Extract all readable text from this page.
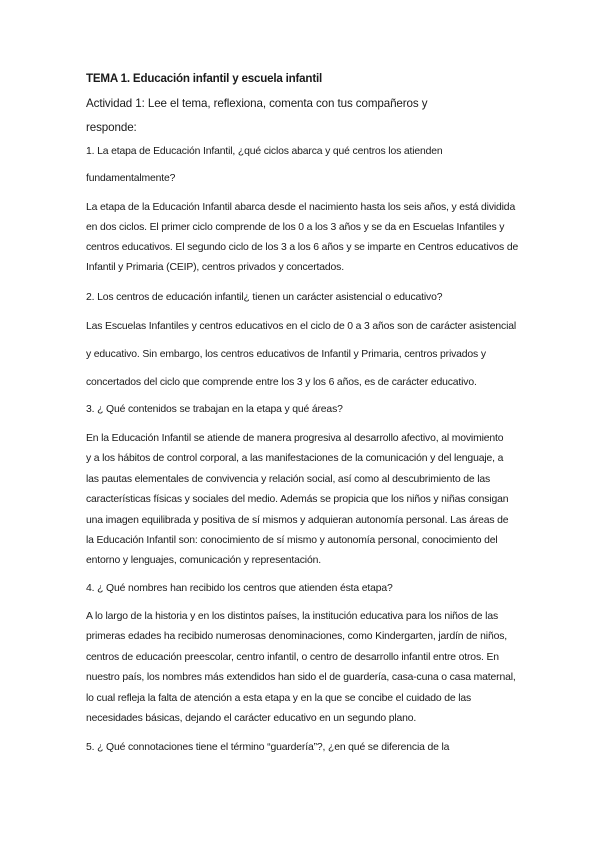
TEMA 1. Educación infantil y escuela infantil
Actividad 1: Lee el tema, reflexiona, comenta con tus compañeros y
responde:
1. La etapa de Educación Infantil, ¿qué ciclos abarca y qué centros los atienden
fundamentalmente?
La etapa de la Educación Infantil abarca desde el nacimiento hasta los seis años, y está dividida
en dos ciclos. El primer ciclo comprende de los 0 a los 3 años y se da en Escuelas Infantiles y
centros educativos. El segundo ciclo de los 3 a los 6 años y se imparte en Centros educativos de
Infantil y Primaria (CEIP), centros privados y concertados.
2. Los centros de educación infantil¿ tienen un carácter asistencial o educativo?
Las Escuelas Infantiles y centros educativos en el ciclo de 0 a 3 años son de carácter asistencial
y educativo. Sin embargo, los centros educativos de Infantil y Primaria, centros privados y
concertados del ciclo que comprende entre los 3 y los 6 años, es de carácter educativo.
3. ¿ Qué contenidos se trabajan en la etapa y qué áreas?
En la Educación Infantil se atiende de manera progresiva al desarrollo afectivo, al movimiento
y a los hábitos de control corporal, a las manifestaciones de la comunicación y del lenguaje, a
las pautas elementales de convivencia y relación social, así como al descubrimiento de las
características físicas y sociales del medio. Además se propicia que los niños y niñas consigan
una imagen equilibrada y positiva de sí mismos y adquieran autonomía personal. Las áreas de
la Educación Infantil son: conocimiento de sí mismo y autonomía personal, conocimiento del
entorno y lenguajes, comunicación y representación.
4. ¿ Qué nombres han recibido los centros que atienden ésta etapa?
A lo largo de la historia y en los distintos países, la institución educativa para los niños de las
primeras edades ha recibido numerosas denominaciones, como Kindergarten, jardín de niños,
centros de educación preescolar, centro infantil, o centro de desarrollo infantil entre otros. En
nuestro país, los nombres más extendidos han sido el de guardería, casa-cuna o casa maternal,
lo cual refleja la falta de atención a esta etapa y en la que se concibe el cuidado de las
necesidades básicas, dejando el carácter educativo en un segundo plano.
5. ¿ Qué connotaciones tiene el término “guardería”?, ¿en qué se diferencia de la
